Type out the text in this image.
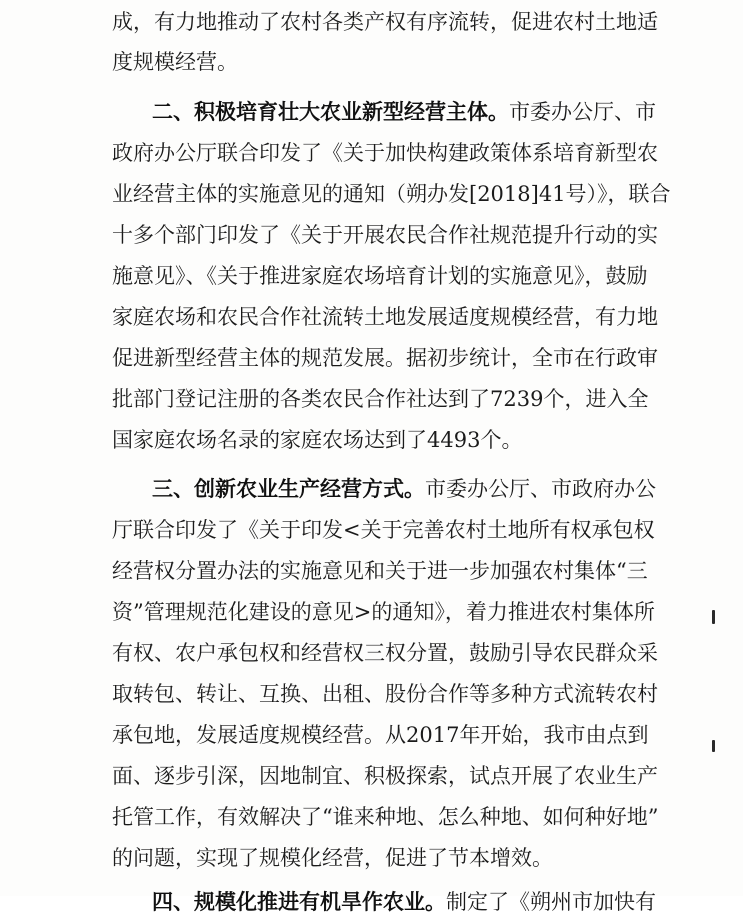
成，有力地推动了农村各类产权有序流转，促进农村土地适
度规模经营。
二、积极培育壮大农业新型经营主体。市委办公厅、市
政府办公厅联合印发了《关于加快构建政策体系培育新型农
业经营主体的实施意见的通知（朔办发[2018]41号）》，联合
十多个部门印发了《关于开展农民合作社规范提升行动的实
施意见》、《关于推进家庭农场培育计划的实施意见》，鼓励
家庭农场和农民合作社流转土地发展适度规模经营，有力地
促进新型经营主体的规范发展。据初步统计，全市在行政审
批部门登记注册的各类农民合作社达到了7239个，进入全
国家庭农场名录的家庭农场达到了4493个。
三、创新农业生产经营方式。市委办公厅、市政府办公
厅联合印发了《关于印发<关于完善农村土地所有权承包权
经营权分置办法的实施意见和关于进一步加强农村集体“三
资”管理规范化建设的意见>的通知》，着力推进农村集体所
有权、农户承包权和经营权三权分置，鼓励引导农民群众采
取转包、转让、互换、出租、股份合作等多种方式流转农村
承包地，发展适度规模经营。从2017年开始，我市由点到
面、逐步引深，因地制宜、积极探索，试点开展了农业生产
托管工作，有效解决了“谁来种地、怎么种地、如何种好地”
的问题，实现了规模化经营，促进了节本增效。
四、规模化推进有机旱作农业。制定了《朔州市加快有
